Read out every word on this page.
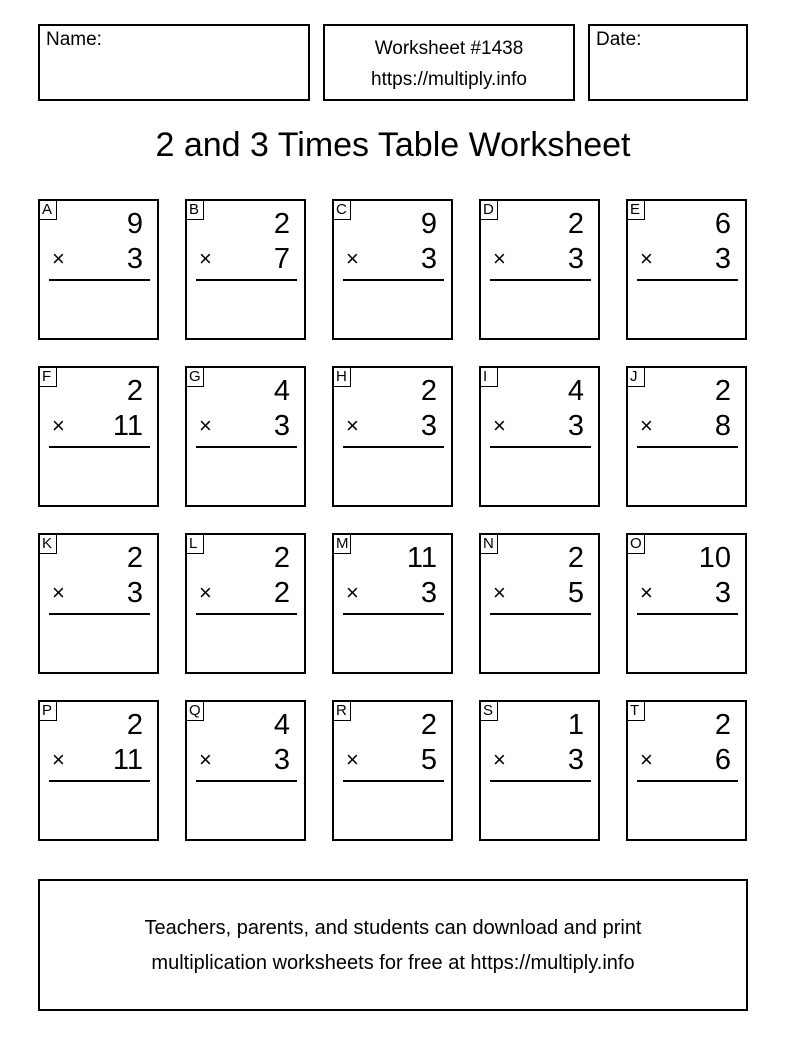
Name:	Worksheet #1438
https://multiply.info
Date:
2 and 3 Times Table Worksheet
A	9
× 3
B	2
× 7
C	9
× 3
D	2
× 3
E	6
× 3
F	2
× 11
G	4
× 3
H	2
× 3
I	4
× 3
J	2
× 8
K	2
× 3
L	2
× 2
M 11
× 3
N	2
× 5
O 10
× 3
P	2
× 11
Q	4
× 3
R	2
× 5
S	1
× 3
T	2
× 6
Teachers, parents, and students can download and print
multiplication worksheets for free at https://multiply.info
